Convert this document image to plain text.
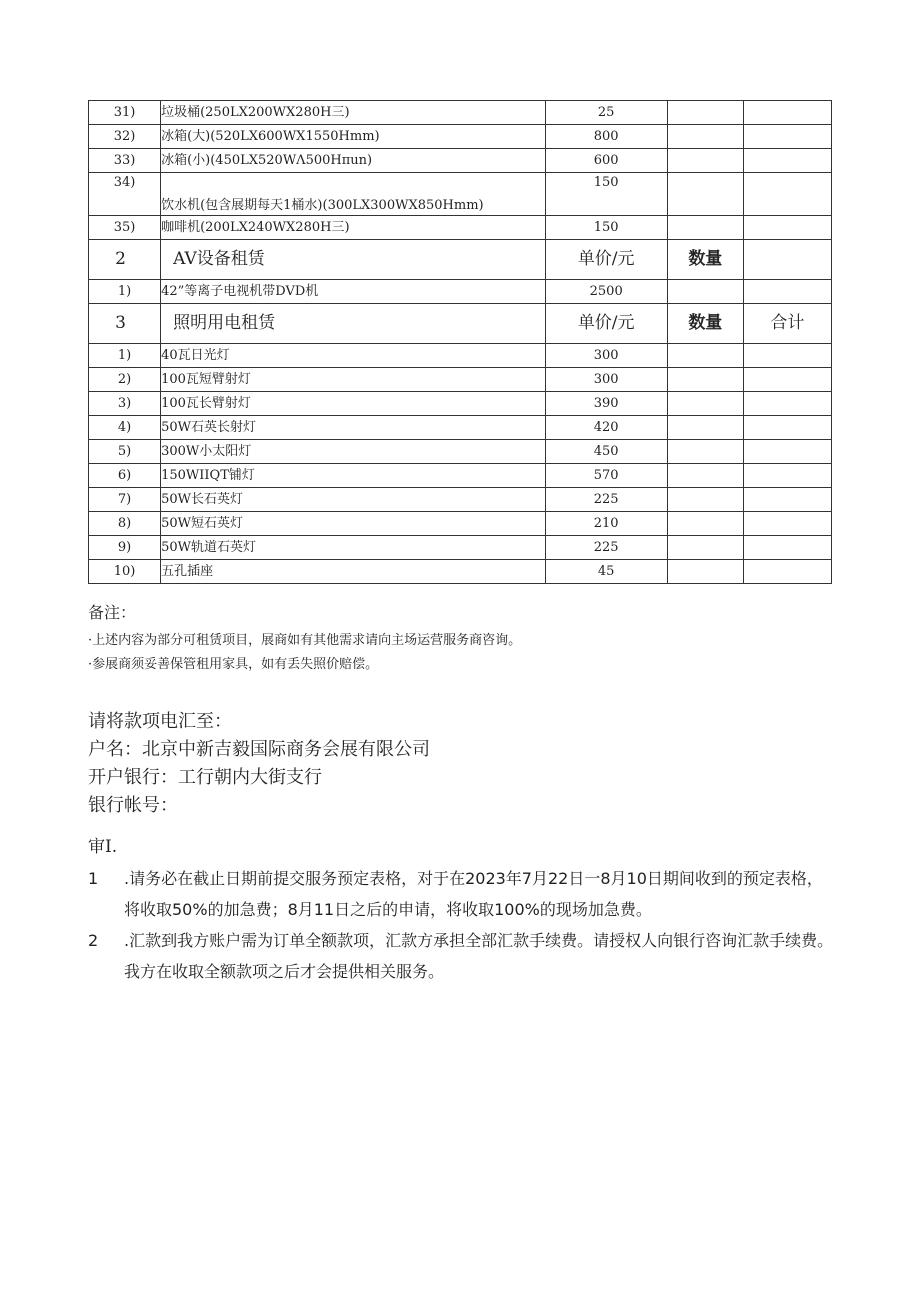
31)	垃圾桶(250LX200WX280H三)	25		
32)	冰箱(大)(520LX600WX1550Hmm)	800		
33)	冰箱(小)(450LX520WΛ500Hπun)	600		
34)	饮水机(包含展期每天1桶水)(300LX300WX850Hmm)	150		
35)	咖啡机(200LX240WX280H三)	150		
2	AV设备租赁	单价/元	数量	
1)	42”等离子电视机带DVD机	2500		
3	照明用电租赁	单价/元	数量	合计
1)	40瓦日光灯	300		
2)	100瓦短臂射灯	300		
3)	100瓦长臂射灯	390		
4)	50W石英长射灯	420		
5)	300W小太阳灯	450		
6)	150WIIQT铺灯	570		
7)	50W长石英灯	225		
8)	50W短石英灯	210		
9)	50W轨道石英灯	225		
10)	五孔插座	45		
备注：
·上述内容为部分可租赁项目，展商如有其他需求请向主场运营服务商咨询。
·参展商须妥善保管租用家具，如有丢失照价赔偿。
请将款项电汇至：
户名：北京中新吉毅国际商务会展有限公司
开户银行：工行朝内大街支行
银行帐号：
审I.
1 .请务必在截止日期前提交服务预定表格，对于在2023年7月22日一8月10日期间收到的预定表格，将收取50%的加急费；8月11日之后的申请，将收取100%的现场加急费。
2 .汇款到我方账户需为订单全额款项，汇款方承担全部汇款手续费。请授权人向银行咨询汇款手续费。我方在收取全额款项之后才会提供相关服务。
